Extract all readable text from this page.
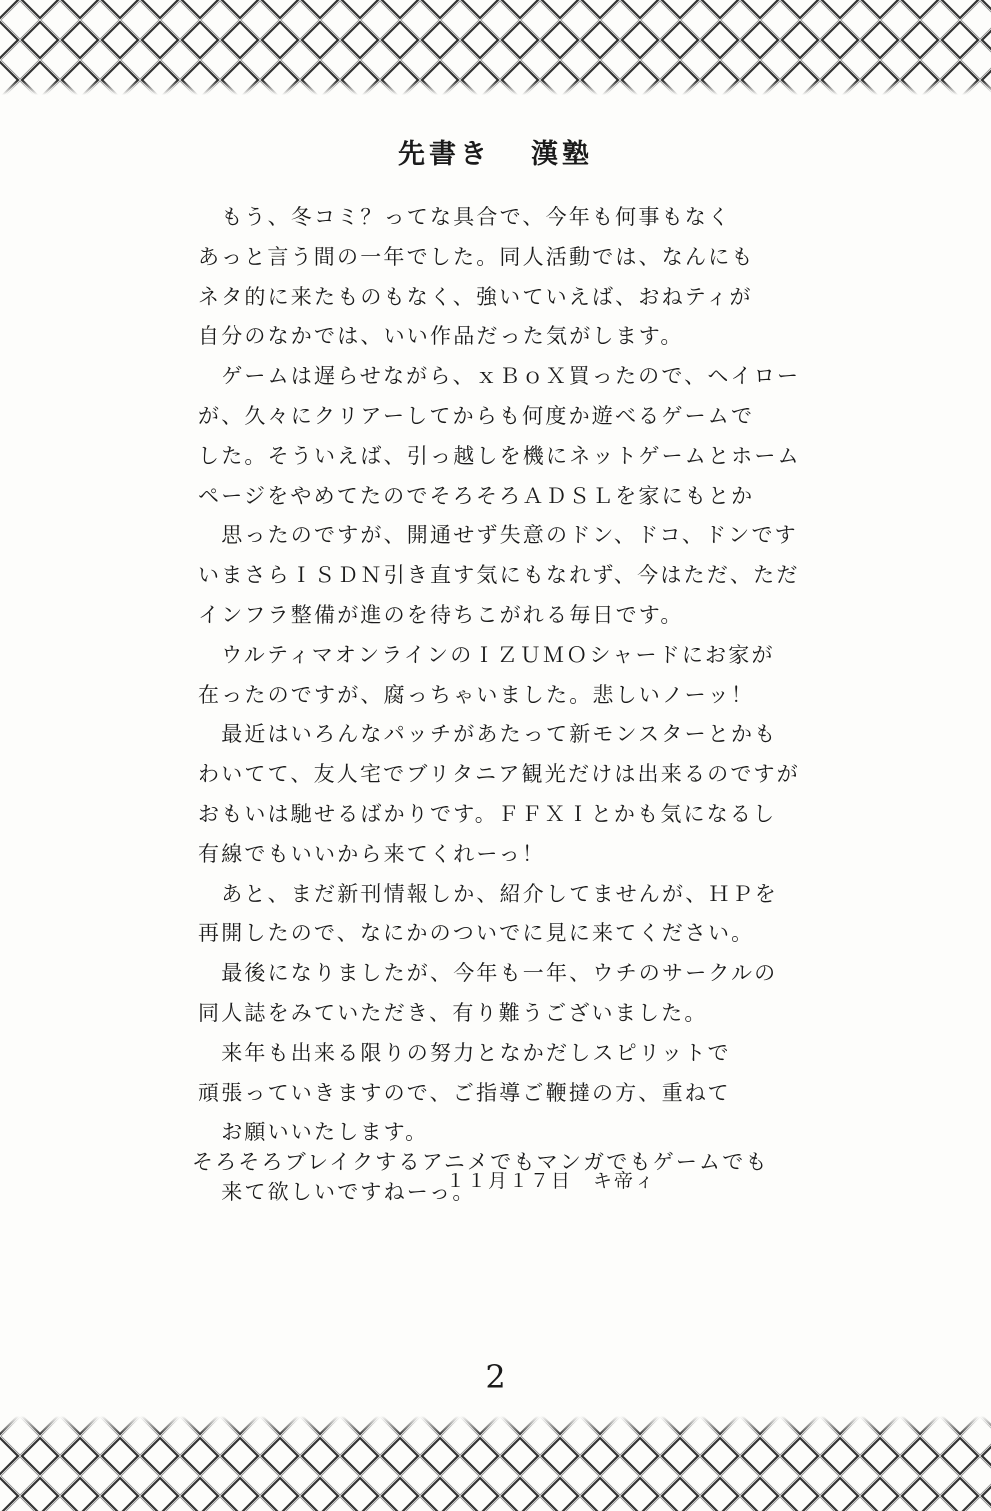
先書き 漢塾
　もう、冬コミ？ってな具合で、今年も何事もなく
あっと言う間の一年でした。同人活動では、なんにも
ネタ的に来たものもなく、強いていえば、おねティが
自分のなかでは、いい作品だった気がします。
　ゲームは遅らせながら、ｘＢｏＸ買ったので、ヘイロー
が、久々にクリアーしてからも何度か遊べるゲームで
した。そういえば、引っ越しを機にネットゲームとホーム
ページをやめてたのでそろそろＡＤＳＬを家にもとか
　思ったのですが、開通せず失意のドン、ドコ、ドンです
いまさらＩＳＤＮ引き直す気にもなれず、今はただ、ただ
インフラ整備が進のを待ちこがれる毎日です。
　ウルティマオンラインのＩＺＵＭＯシャードにお家が
在ったのですが、腐っちゃいました。悲しいノーッ！
　最近はいろんなパッチがあたって新モンスターとかも
わいてて、友人宅でブリタニア観光だけは出来るのですが
おもいは馳せるばかりです。ＦＦＸＩとかも気になるし
有線でもいいから来てくれーっ！
　あと、まだ新刊情報しか、紹介してませんが、ＨＰを
再開したので、なにかのついでに見に来てください。
　最後になりましたが、今年も一年、ウチのサークルの
同人誌をみていただき、有り難うございました。
　来年も出来る限りの努力となかだしスピリットで
頑張っていきますので、ご指導ご鞭撻の方、重ねて
　お願いいたします。
そろそろブレイクするアニメでもマンガでもゲームでも
　来て欲しいですねーっ。
１１月１７日　キ帝ィ
2
